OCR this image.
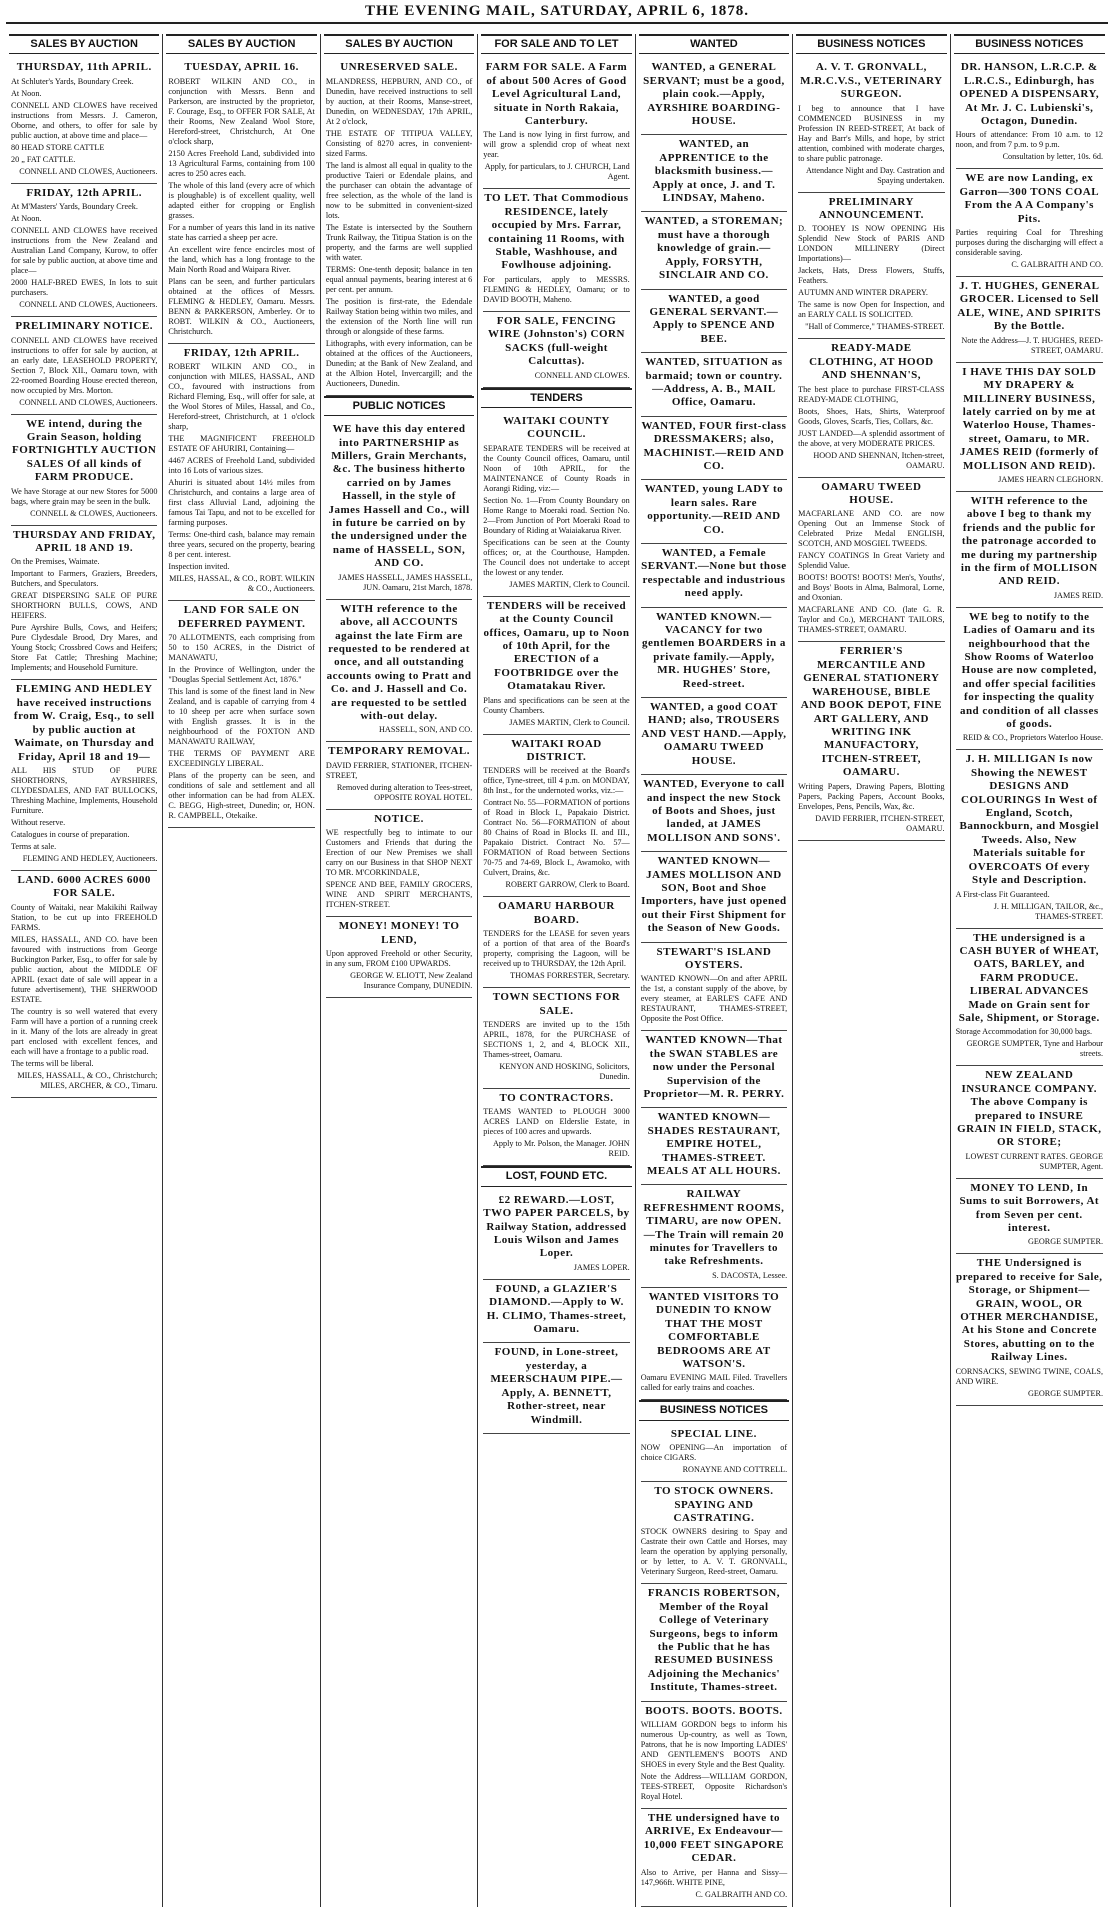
THE EVENING MAIL, SATURDAY, APRIL 6, 1878.
SALES BY AUCTION

THURSDAY, 11th APRIL.

At Schluter's Yards, Boundary Creek.

At Noon.

CONNELL AND CLOWES have received instructions from Messrs. J. Cameron, Oborne, and others, to offer for sale by public auction, at above time and place—

80 HEAD STORE CATTLE

20 „ FAT CATTLE.

CONNELL AND CLOWES, Auctioneers.

FRIDAY, 12th APRIL.

At M'Masters' Yards, Boundary Creek.

At Noon.

CONNELL AND CLOWES have received instructions from the New Zealand and Australian Land Company, Kurow, to offer for sale by public auction, at above time and place—

2000 HALF-BRED EWES, In lots to suit purchasers.

CONNELL AND CLOWES, Auctioneers.

PRELIMINARY NOTICE.

CONNELL AND CLOWES have received instructions to offer for sale by auction, at an early date, LEASEHOLD PROPERTY, Section 7, Block XII., Oamaru town, with 22-roomed Boarding House erected thereon, now occupied by Mrs. Morton.

CONNELL AND CLOWES, Auctioneers.

WE intend, during the Grain Season, holding FORTNIGHTLY AUCTION SALES Of all kinds of FARM PRODUCE.

We have Storage at our new Stores for 5000 bags, where grain may be seen in the bulk.

CONNELL & CLOWES, Auctioneers.

THURSDAY AND FRIDAY, APRIL 18 AND 19.

On the Premises, Waimate.

Important to Farmers, Graziers, Breeders, Butchers, and Speculators.

GREAT DISPERSING SALE OF PURE SHORTHORN BULLS, COWS, AND HEIFERS.

Pure Ayrshire Bulls, Cows, and Heifers; Pure Clydesdale Brood, Dry Mares, and Young Stock; Crossbred Cows and Heifers; Store Fat Cattle; Threshing Machine; Implements; and Household Furniture.

FLEMING AND HEDLEY have received instructions from W. Craig, Esq., to sell by public auction at Waimate, on Thursday and Friday, April 18 and 19—

ALL HIS STUD OF PURE SHORTHORNS, AYRSHIRES, CLYDESDALES, AND FAT BULLOCKS, Threshing Machine, Implements, Household Furniture.

Without reserve.

Catalogues in course of preparation.

Terms at sale.

FLEMING AND HEDLEY, Auctioneers.

LAND. 6000 ACRES 6000 FOR SALE.

County of Waitaki, near Makikihi Railway Station, to be cut up into FREEHOLD FARMS.

MILES, HASSALL, AND CO. have been favoured with instructions from George Buckington Parker, Esq., to offer for sale by public auction, about the MIDDLE OF APRIL (exact date of sale will appear in a future advertisement), THE SHERWOOD ESTATE.

The country is so well watered that every Farm will have a portion of a running creek in it. Many of the lots are already in great part enclosed with excellent fences, and each will have a frontage to a public road.

The terms will be liberal.

MILES, HASSALL, & CO., Christchurch; MILES, ARCHER, & CO., Timaru.

SALES BY AUCTION

TUESDAY, APRIL 16.

ROBERT WILKIN AND CO., in conjunction with Messrs. Benn and Parkerson, are instructed by the proprietor, F. Courage, Esq., to OFFER FOR SALE, At their Rooms, New Zealand Wool Store, Hereford-street, Christchurch, At One o'clock sharp,

2150 Acres Freehold Land, subdivided into 13 Agricultural Farms, containing from 100 acres to 250 acres each.

The whole of this land (every acre of which is ploughable) is of excellent quality, well adapted either for cropping or English grasses.

For a number of years this land in its native state has carried a sheep per acre.

An excellent wire fence encircles most of the land, which has a long frontage to the Main North Road and Waipara River.

Plans can be seen, and further particulars obtained at the offices of Messrs. FLEMING & HEDLEY, Oamaru. Messrs. BENN & PARKERSON, Amberley. Or to ROBT. WILKIN & CO., Auctioneers, Christchurch.

FRIDAY, 12th APRIL.

ROBERT WILKIN AND CO., in conjunction with MILES, HASSAL, AND CO., favoured with instructions from Richard Fleming, Esq., will offer for sale, at the Wool Stores of Miles, Hassal, and Co., Hereford-street, Christchurch, at 1 o'clock sharp,

THE MAGNIFICENT FREEHOLD ESTATE OF AHURIRI, Containing—

4467 ACRES of Freehold Land, subdivided into 16 Lots of various sizes.

Ahuriri is situated about 14½ miles from Christchurch, and contains a large area of first class Alluvial Land, adjoining the famous Tai Tapu, and not to be excelled for farming purposes.

Terms: One-third cash, balance may remain three years, secured on the property, bearing 8 per cent. interest.

Inspection invited.

MILES, HASSAL, & CO., ROBT. WILKIN & CO., Auctioneers.

LAND FOR SALE ON DEFERRED PAYMENT.

70 ALLOTMENTS, each comprising from 50 to 150 ACRES, in the District of MANAWATU,

In the Province of Wellington, under the "Douglas Special Settlement Act, 1876."

This land is some of the finest land in New Zealand, and is capable of carrying from 4 to 10 sheep per acre when surface sown with English grasses. It is in the neighbourhood of the FOXTON AND MANAWATU RAILWAY,

THE TERMS OF PAYMENT ARE EXCEEDINGLY LIBERAL.

Plans of the property can be seen, and conditions of sale and settlement and all other information can be had from ALEX. C. BEGG, High-street, Dunedin; or, HON. R. CAMPBELL, Otekaike.

SALES BY AUCTION

UNRESERVED SALE.

MLANDRESS, HEPBURN, AND CO., of Dunedin, have received instructions to sell by auction, at their Rooms, Manse-street, Dunedin, on WEDNESDAY, 17th APRIL, At 2 o'clock,

THE ESTATE OF TITIPUA VALLEY, Consisting of 8270 acres, in convenient-sized Farms.

The land is almost all equal in quality to the productive Taieri or Edendale plains, and the purchaser can obtain the advantage of free selection, as the whole of the land is now to be submitted in convenient-sized lots.

The Estate is intersected by the Southern Trunk Railway, the Titipua Station is on the property, and the farms are well supplied with water.

TERMS: One-tenth deposit; balance in ten equal annual payments, bearing interest at 6 per cent. per annum.

The position is first-rate, the Edendale Railway Station being within two miles, and the extension of the North line will run through or alongside of these farms.

Lithographs, with every information, can be obtained at the offices of the Auctioneers, Dunedin; at the Bank of New Zealand, and at the Albion Hotel, Invercargill; and the Auctioneers, Dunedin.

PUBLIC NOTICES

WE have this day entered into PARTNERSHIP as Millers, Grain Merchants, &c. The business hitherto carried on by James Hassell, in the style of James Hassell and Co., will in future be carried on by the undersigned under the name of HASSELL, SON, AND CO.

JAMES HASSELL, JAMES HASSELL, JUN. Oamaru, 21st March, 1878.

WITH reference to the above, all ACCOUNTS against the late Firm are requested to be rendered at once, and all outstanding accounts owing to Pratt and Co. and J. Hassell and Co. are requested to be settled with-out delay.

HASSELL, SON, AND CO.

TEMPORARY REMOVAL.

DAVID FERRIER, STATIONER, ITCHEN-STREET,

Removed during alteration to Tees-street, OPPOSITE ROYAL HOTEL.

NOTICE.

WE respectfully beg to intimate to our Customers and Friends that during the Erection of our New Premises we shall carry on our Business in that SHOP NEXT TO MR. M'CORKINDALE,

SPENCE AND BEE, FAMILY GROCERS, WINE AND SPIRIT MERCHANTS, ITCHEN-STREET.

MONEY! MONEY! TO LEND,

Upon approved Freehold or other Security, in any sum, FROM £100 UPWARDS.

GEORGE W. ELIOTT, New Zealand Insurance Company, DUNEDIN.

FOR SALE AND TO LET

FARM FOR SALE. A Farm of about 500 Acres of Good Level Agricultural Land, situate in North Rakaia, Canterbury.

The Land is now lying in first furrow, and will grow a splendid crop of wheat next year.

Apply, for particulars, to J. CHURCH, Land Agent.

TO LET. That Commodious RESIDENCE, lately occupied by Mrs. Farrar, containing 11 Rooms, with Stable, Washhouse, and Fowlhouse adjoining.

For particulars, apply to MESSRS. FLEMING & HEDLEY, Oamaru; or to DAVID BOOTH, Maheno.

FOR SALE, FENCING WIRE (Johnston's) CORN SACKS (full-weight Calcuttas).

CONNELL AND CLOWES.

TENDERS

WAITAKI COUNTY COUNCIL.

SEPARATE TENDERS will be received at the County Council offices, Oamaru, until Noon of 10th APRIL, for the MAINTENANCE of County Roads in Aorangi Riding, viz:—

Section No. 1—From County Boundary on Home Range to Moeraki road. Section No. 2—From Junction of Port Moeraki Road to Boundary of Riding at Waiaiakarua River.

Specifications can be seen at the County offices; or, at the Courthouse, Hampden. The Council does not undertake to accept the lowest or any tender.

JAMES MARTIN, Clerk to Council.

TENDERS will be received at the County Council offices, Oamaru, up to Noon of 10th April, for the ERECTION of a FOOTBRIDGE over the Otamatakau River.

Plans and specifications can be seen at the County Chambers.

JAMES MARTIN, Clerk to Council.

WAITAKI ROAD DISTRICT.

TENDERS will be received at the Board's office, Tyne-street, till 4 p.m. on MONDAY, 8th Inst., for the undernoted works, viz.:—

Contract No. 55—FORMATION of portions of Road in Block I., Papakaio District. Contract No. 56—FORMATION of about 80 Chains of Road in Blocks II. and III., Papakaio District. Contract No. 57—FORMATION of Road between Sections 70-75 and 74-69, Block I., Awamoko, with Culvert, Drains, &c.

ROBERT GARROW, Clerk to Board.

OAMARU HARBOUR BOARD.

TENDERS for the LEASE for seven years of a portion of that area of the Board's property, comprising the Lagoon, will be received up to THURSDAY, the 12th April.

THOMAS FORRESTER, Secretary.

TOWN SECTIONS FOR SALE.

TENDERS are invited up to the 15th APRIL, 1878, for the PURCHASE of SECTIONS 1, 2, and 4, BLOCK XII., Thames-street, Oamaru.

KENYON AND HOSKING, Solicitors, Dunedin.

TO CONTRACTORS.

TEAMS WANTED to PLOUGH 3000 ACRES LAND on Elderslie Estate, in pieces of 100 acres and upwards.

Apply to Mr. Polson, the Manager. JOHN REID.

LOST, FOUND ETC.

£2 REWARD.—LOST, TWO PAPER PARCELS, by Railway Station, addressed Louis Wilson and James Loper.

JAMES LOPER.

FOUND, a GLAZIER'S DIAMOND.—Apply to W. H. CLIMO, Thames-street, Oamaru.

FOUND, in Lone-street, yesterday, a MEERSCHAUM PIPE.—Apply, A. BENNETT, Rother-street, near Windmill.

WANTED

WANTED, a GENERAL SERVANT; must be a good, plain cook.—Apply, AYRSHIRE BOARDING-HOUSE.

WANTED, an APPRENTICE to the blacksmith business.—Apply at once, J. and T. LINDSAY, Maheno.

WANTED, a STOREMAN; must have a thorough knowledge of grain.—Apply, FORSYTH, SINCLAIR AND CO.

WANTED, a good GENERAL SERVANT.—Apply to SPENCE AND BEE.

WANTED, SITUATION as barmaid; town or country.—Address, A. B., MAIL Office, Oamaru.

WANTED, FOUR first-class DRESSMAKERS; also, MACHINIST.—REID AND CO.

WANTED, young LADY to learn sales. Rare opportunity.—REID AND CO.

WANTED, a Female SERVANT.—None but those respectable and industrious need apply.

WANTED KNOWN.—VACANCY for two gentlemen BOARDERS in a private family.—Apply, MR. HUGHES' Store, Reed-street.

WANTED, a good COAT HAND; also, TROUSERS AND VEST HAND.—Apply, OAMARU TWEED HOUSE.

WANTED, Everyone to call and inspect the new Stock of Boots and Shoes, just landed, at JAMES MOLLISON AND SONS'.

WANTED KNOWN—JAMES MOLLISON AND SON, Boot and Shoe Importers, have just opened out their First Shipment for the Season of New Goods.

STEWART'S ISLAND OYSTERS.

WANTED KNOWN—On and after APRIL the 1st, a constant supply of the above, by every steamer, at EARLE'S CAFE AND RESTAURANT, THAMES-STREET, Opposite the Post Office.

WANTED KNOWN—That the SWAN STABLES are now under the Personal Supervision of the Proprietor—M. R. PERRY.

WANTED KNOWN—SHADES RESTAURANT, EMPIRE HOTEL, THAMES-STREET. MEALS AT ALL HOURS.

RAILWAY REFRESHMENT ROOMS, TIMARU, are now OPEN.—The Train will remain 20 minutes for Travellers to take Refreshments.

S. DACOSTA, Lessee.

WANTED VISITORS TO DUNEDIN TO KNOW THAT THE MOST COMFORTABLE BEDROOMS ARE AT WATSON'S.

Oamaru EVENING MAIL Filed. Travellers called for early trains and coaches.

BUSINESS NOTICES

SPECIAL LINE.

NOW OPENING—An importation of choice CIGARS.

RONAYNE AND COTTRELL.

TO STOCK OWNERS. SPAYING AND CASTRATING.

STOCK OWNERS desiring to Spay and Castrate their own Cattle and Horses, may learn the operation by applying personally, or by letter, to A. V. T. GRONVALL, Veterinary Surgeon, Reed-street, Oamaru.

FRANCIS ROBERTSON, Member of the Royal College of Veterinary Surgeons, begs to inform the Public that he has RESUMED BUSINESS Adjoining the Mechanics' Institute, Thames-street.

BOOTS. BOOTS. BOOTS.

WILLIAM GORDON begs to inform his numerous Up-country, as well as Town, Patrons, that he is now Importing LADIES' AND GENTLEMEN'S BOOTS AND SHOES in every Style and the Best Quality.

Note the Address—WILLIAM GORDON, TEES-STREET, Opposite Richardson's Royal Hotel.

THE undersigned have to ARRIVE, Ex Endeavour—10,000 FEET SINGAPORE CEDAR.

Also to Arrive, per Hanna and Sissy—147,966ft. WHITE PINE,

C. GALBRAITH AND CO.

BUSINESS NOTICES

A. V. T. GRONVALL, M.R.C.V.S., VETERINARY SURGEON.

I beg to announce that I have COMMENCED BUSINESS in my Profession IN REED-STREET, At back of Hay and Barr's Mills, and hope, by strict attention, combined with moderate charges, to share public patronage.

Attendance Night and Day. Castration and Spaying undertaken.

PRELIMINARY ANNOUNCEMENT.

D. TOOHEY IS NOW OPENING His Splendid New Stock of PARIS AND LONDON MILLINERY (Direct Importations)—

Jackets, Hats, Dress Flowers, Stuffs, Feathers.

AUTUMN AND WINTER DRAPERY.

The same is now Open for Inspection, and an EARLY CALL IS SOLICITED.

"Hall of Commerce," THAMES-STREET.

READY-MADE CLOTHING, AT HOOD AND SHENNAN'S,

The best place to purchase FIRST-CLASS READY-MADE CLOTHING,

Boots, Shoes, Hats, Shirts, Waterproof Goods, Gloves, Scarfs, Ties, Collars, &c.

JUST LANDED—A splendid assortment of the above, at very MODERATE PRICES.

HOOD AND SHENNAN, Itchen-street, OAMARU.

OAMARU TWEED HOUSE.

MACFARLANE AND CO. are now Opening Out an Immense Stock of Celebrated Prize Medal ENGLISH, SCOTCH, AND MOSGIEL TWEEDS.

FANCY COATINGS In Great Variety and Splendid Value.

BOOTS! BOOTS! BOOTS! Men's, Youths', and Boys' Boots in Alma, Balmoral, Lorne, and Oxonian.

MACFARLANE AND CO. (late G. R. Taylor and Co.), MERCHANT TAILORS, THAMES-STREET, OAMARU.

FERRIER'S MERCANTILE AND GENERAL STATIONERY WAREHOUSE, BIBLE AND BOOK DEPOT, FINE ART GALLERY, AND WRITING INK MANUFACTORY, ITCHEN-STREET, OAMARU.

Writing Papers, Drawing Papers, Blotting Papers, Packing Papers, Account Books, Envelopes, Pens, Pencils, Wax, &c.

DAVID FERRIER, ITCHEN-STREET, OAMARU.

BUSINESS NOTICES

DR. HANSON, L.R.C.P. & L.R.C.S., Edinburgh, has OPENED A DISPENSARY, At Mr. J. C. Lubienski's, Octagon, Dunedin.

Hours of attendance: From 10 a.m. to 12 noon, and from 7 p.m. to 9 p.m.

Consultation by letter, 10s. 6d.

WE are now Landing, ex Garron—300 TONS COAL From the A A Company's Pits.

Parties requiring Coal for Threshing purposes during the discharging will effect a considerable saving.

C. GALBRAITH AND CO.

J. T. HUGHES, GENERAL GROCER. Licensed to Sell ALE, WINE, AND SPIRITS By the Bottle.

Note the Address—J. T. HUGHES, REED-STREET, OAMARU.

I HAVE THIS DAY SOLD MY DRAPERY & MILLINERY BUSINESS, lately carried on by me at Waterloo House, Thames-street, Oamaru, to MR. JAMES REID (formerly of MOLLISON AND REID).

JAMES HEARN CLEGHORN.

WITH reference to the above I beg to thank my friends and the public for the patronage accorded to me during my partnership in the firm of MOLLISON AND REID.

JAMES REID.

WE beg to notify to the Ladies of Oamaru and its neighbourhood that the Show Rooms of Waterloo House are now completed, and offer special facilities for inspecting the quality and condition of all classes of goods.

REID & CO., Proprietors Waterloo House.

J. H. MILLIGAN Is now Showing the NEWEST DESIGNS AND COLOURINGS In West of England, Scotch, Bannockburn, and Mosgiel Tweeds. Also, New Materials suitable for OVERCOATS Of every Style and Description.

A First-class Fit Guaranteed.

J. H. MILLIGAN, TAILOR, &c., THAMES-STREET.

THE undersigned is a CASH BUYER of WHEAT, OATS, BARLEY, and FARM PRODUCE. LIBERAL ADVANCES Made on Grain sent for Sale, Shipment, or Storage.

Storage Accommodation for 30,000 bags.

GEORGE SUMPTER, Tyne and Harbour streets.

NEW ZEALAND INSURANCE COMPANY. The above Company is prepared to INSURE GRAIN IN FIELD, STACK, OR STORE;

LOWEST CURRENT RATES. GEORGE SUMPTER, Agent.

MONEY TO LEND, In Sums to suit Borrowers, At from Seven per cent. interest.

GEORGE SUMPTER.

THE Undersigned is prepared to receive for Sale, Storage, or Shipment—GRAIN, WOOL, OR OTHER MERCHANDISE, At his Stone and Concrete Stores, abutting on to the Railway Lines.

CORNSACKS, SEWING TWINE, COALS, AND WIRE.

GEORGE SUMPTER.
